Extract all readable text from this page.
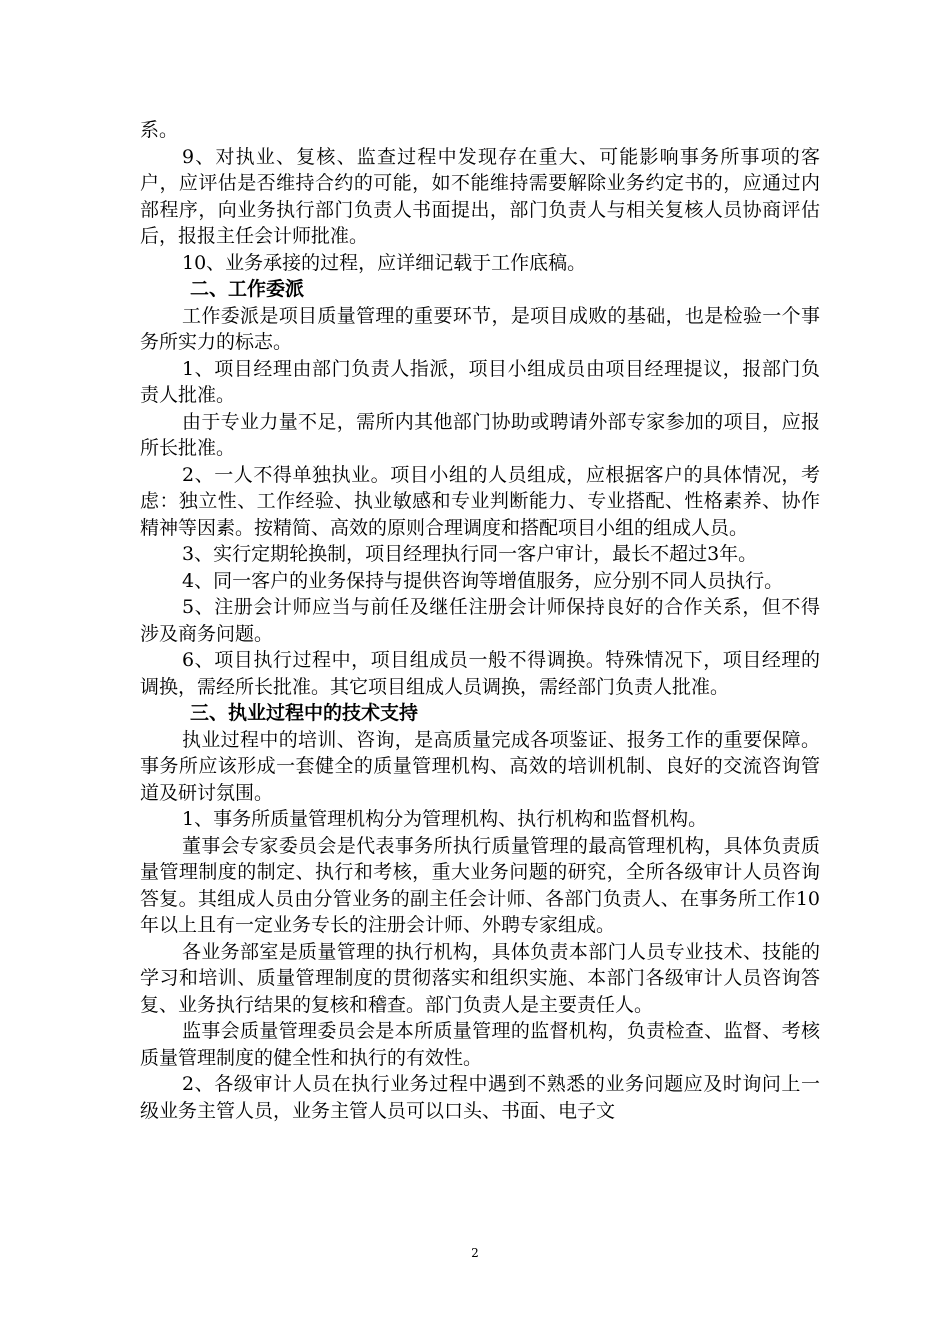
系。

9、对执业、复核、监查过程中发现存在重大、可能影响事务所事项的客户，应评估是否维持合约的可能，如不能维持需要解除业务约定书的，应通过内部程序，向业务执行部门负责人书面提出，部门负责人与相关复核人员协商评估后，报报主任会计师批准。

10、业务承接的过程，应详细记载于工作底稿。

二、工作委派

工作委派是项目质量管理的重要环节，是项目成败的基础，也是检验一个事务所实力的标志。

1、项目经理由部门负责人指派，项目小组成员由项目经理提议，报部门负责人批准。

由于专业力量不足，需所内其他部门协助或聘请外部专家参加的项目，应报所长批准。

2、一人不得单独执业。项目小组的人员组成，应根据客户的具体情况，考虑：独立性、工作经验、执业敏感和专业判断能力、专业搭配、性格素养、协作精神等因素。按精简、高效的原则合理调度和搭配项目小组的组成人员。

3、实行定期轮换制，项目经理执行同一客户审计，最长不超过3年。

4、同一客户的业务保持与提供咨询等增值服务，应分别不同人员执行。

5、注册会计师应当与前任及继任注册会计师保持良好的合作关系，但不得涉及商务问题。

6、项目执行过程中，项目组成员一般不得调换。特殊情况下，项目经理的调换，需经所长批准。其它项目组成人员调换，需经部门负责人批准。

三、执业过程中的技术支持

执业过程中的培训、咨询，是高质量完成各项鉴证、报务工作的重要保障。事务所应该形成一套健全的质量管理机构、高效的培训机制、良好的交流咨询管道及研讨氛围。

1、事务所质量管理机构分为管理机构、执行机构和监督机构。

董事会专家委员会是代表事务所执行质量管理的最高管理机构，具体负责质量管理制度的制定、执行和考核，重大业务问题的研究，全所各级审计人员咨询答复。其组成人员由分管业务的副主任会计师、各部门负责人、在事务所工作10年以上且有一定业务专长的注册会计师、外聘专家组成。

各业务部室是质量管理的执行机构，具体负责本部门人员专业技术、技能的学习和培训、质量管理制度的贯彻落实和组织实施、本部门各级审计人员咨询答复、业务执行结果的复核和稽查。部门负责人是主要责任人。

监事会质量管理委员会是本所质量管理的监督机构，负责检查、监督、考核质量管理制度的健全性和执行的有效性。

2、各级审计人员在执行业务过程中遇到不熟悉的业务问题应及时询问上一级业务主管人员，业务主管人员可以口头、书面、电子文

2
